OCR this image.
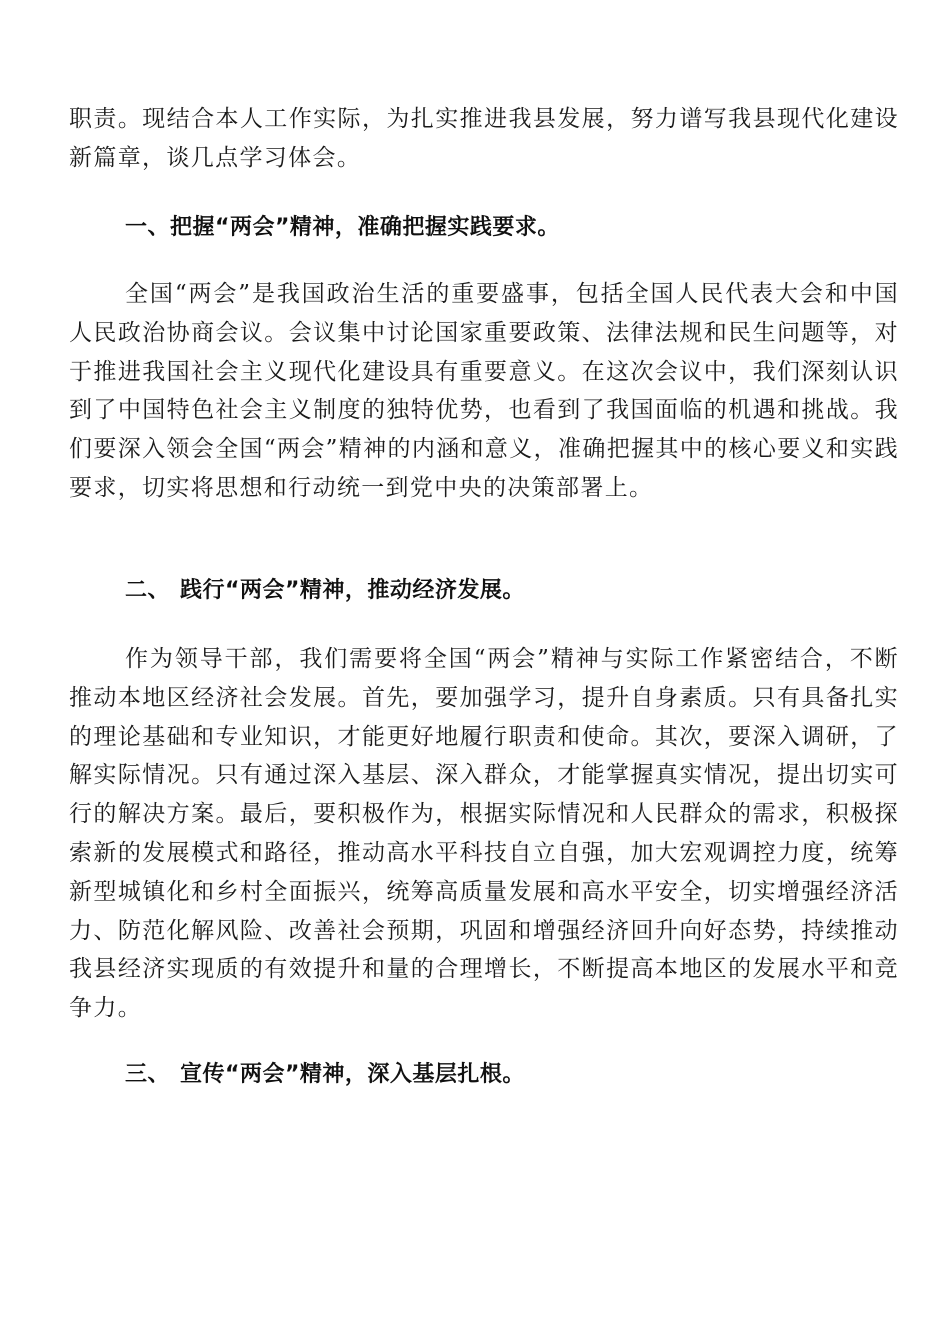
职责。现结合本人工作实际，为扎实推进我县发展，努力谱写我县现代化建设新篇章，谈几点学习体会。

一、把握“两会”精神，准确把握实践要求。

全国“两会”是我国政治生活的重要盛事，包括全国人民代表大会和中国人民政治协商会议。会议集中讨论国家重要政策、法律法规和民生问题等，对于推进我国社会主义现代化建设具有重要意义。在这次会议中，我们深刻认识到了中国特色社会主义制度的独特优势，也看到了我国面临的机遇和挑战。我们要深入领会全国“两会”精神的内涵和意义，准确把握其中的核心要义和实践要求，切实将思想和行动统一到党中央的决策部署上。

二、 践行“两会”精神，推动经济发展。

作为领导干部，我们需要将全国“两会”精神与实际工作紧密结合，不断推动本地区经济社会发展。首先，要加强学习，提升自身素质。只有具备扎实的理论基础和专业知识，才能更好地履行职责和使命。其次，要深入调研，了解实际情况。只有通过深入基层、深入群众，才能掌握真实情况，提出切实可行的解决方案。最后，要积极作为，根据实际情况和人民群众的需求，积极探索新的发展模式和路径，推动高水平科技自立自强，加大宏观调控力度，统筹新型城镇化和乡村全面振兴，统筹高质量发展和高水平安全，切实增强经济活力、防范化解风险、改善社会预期，巩固和增强经济回升向好态势，持续推动我县经济实现质的有效提升和量的合理增长，不断提高本地区的发展水平和竞争力。

三、 宣传“两会”精神，深入基层扎根。
